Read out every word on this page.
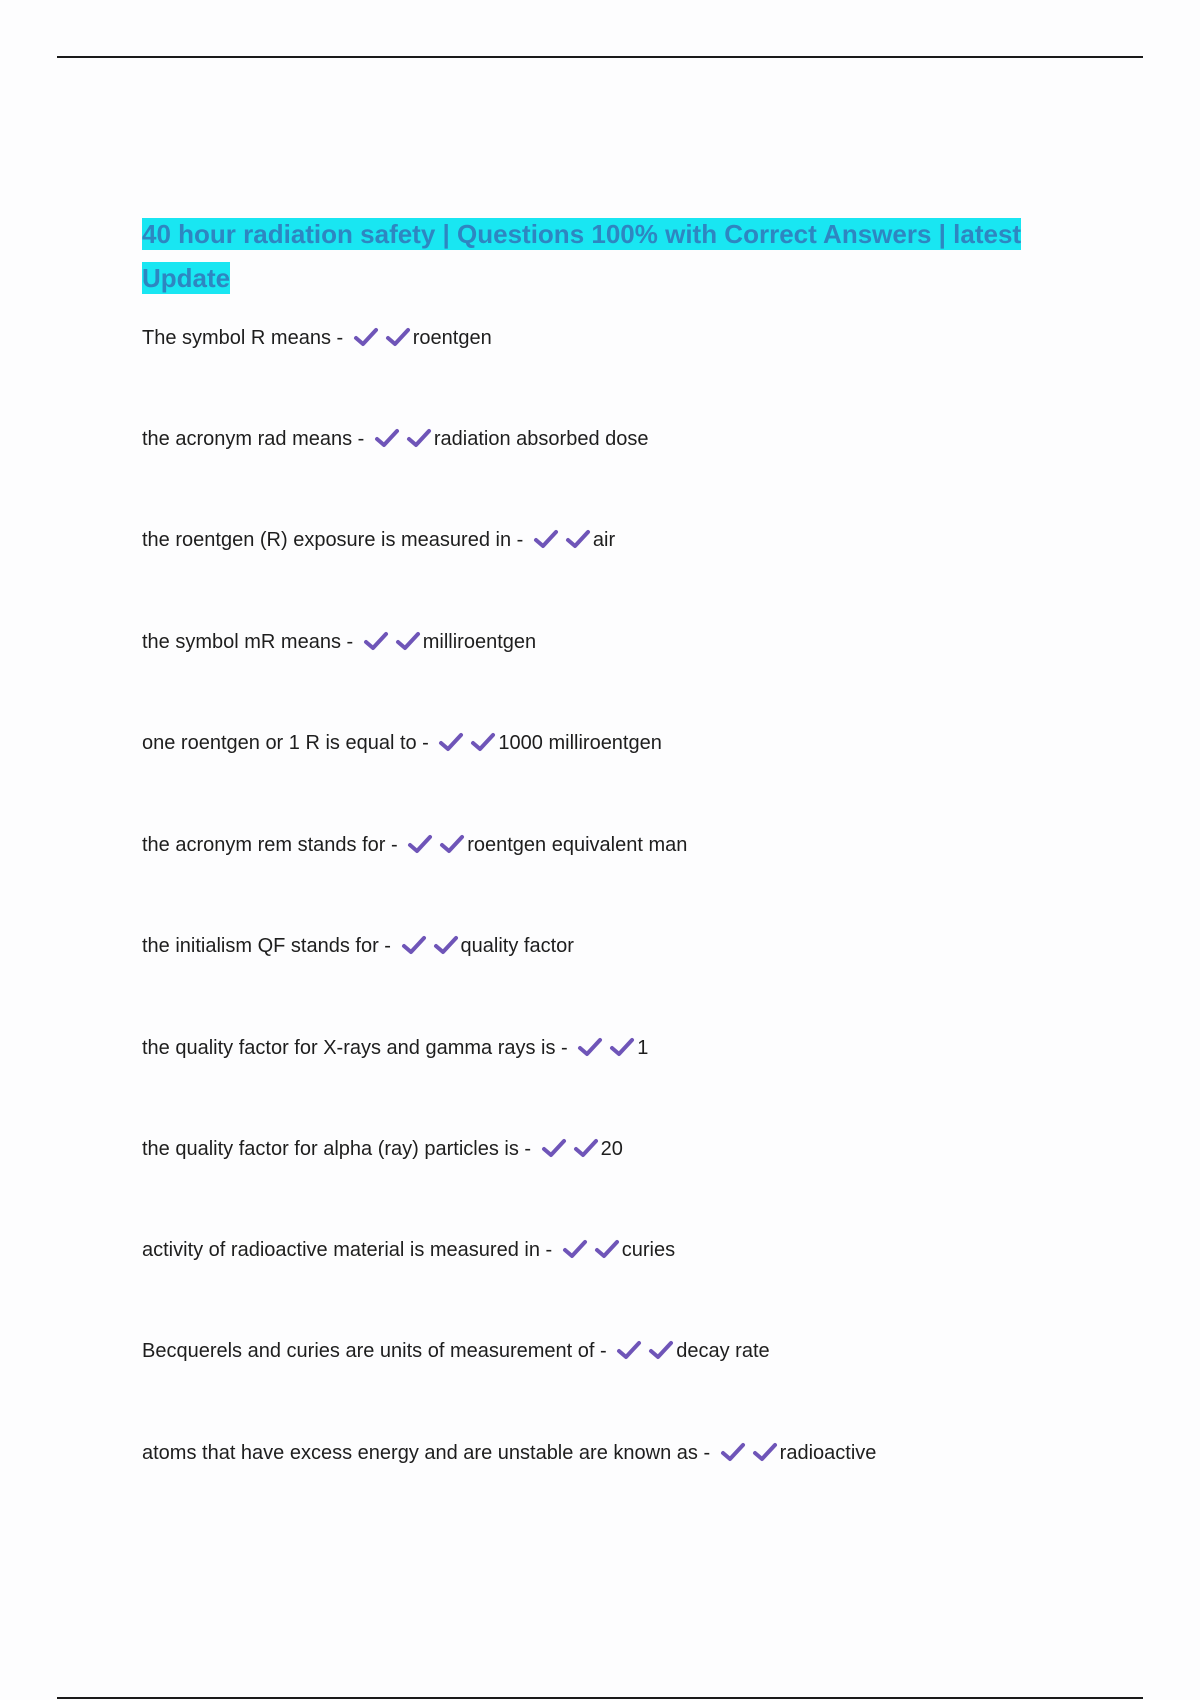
40 hour radiation safety | Questions 100% with Correct Answers | latest Update

The symbol R means -	roentgen

the acronym rad means -	radiation absorbed dose

the roentgen (R) exposure is measured in -	air

the symbol mR means -	milliroentgen

one roentgen or 1 R is equal to -	1000 milliroentgen

the acronym rem stands for -	roentgen equivalent man

the initialism QF stands for -	quality factor

the quality factor for X-rays and gamma rays is -	1

the quality factor for alpha (ray) particles is -	20

activity of radioactive material is measured in -	curies

Becquerels and curies are units of measurement of -	decay rate

atoms that have excess energy and are unstable are known as -	radioactive
